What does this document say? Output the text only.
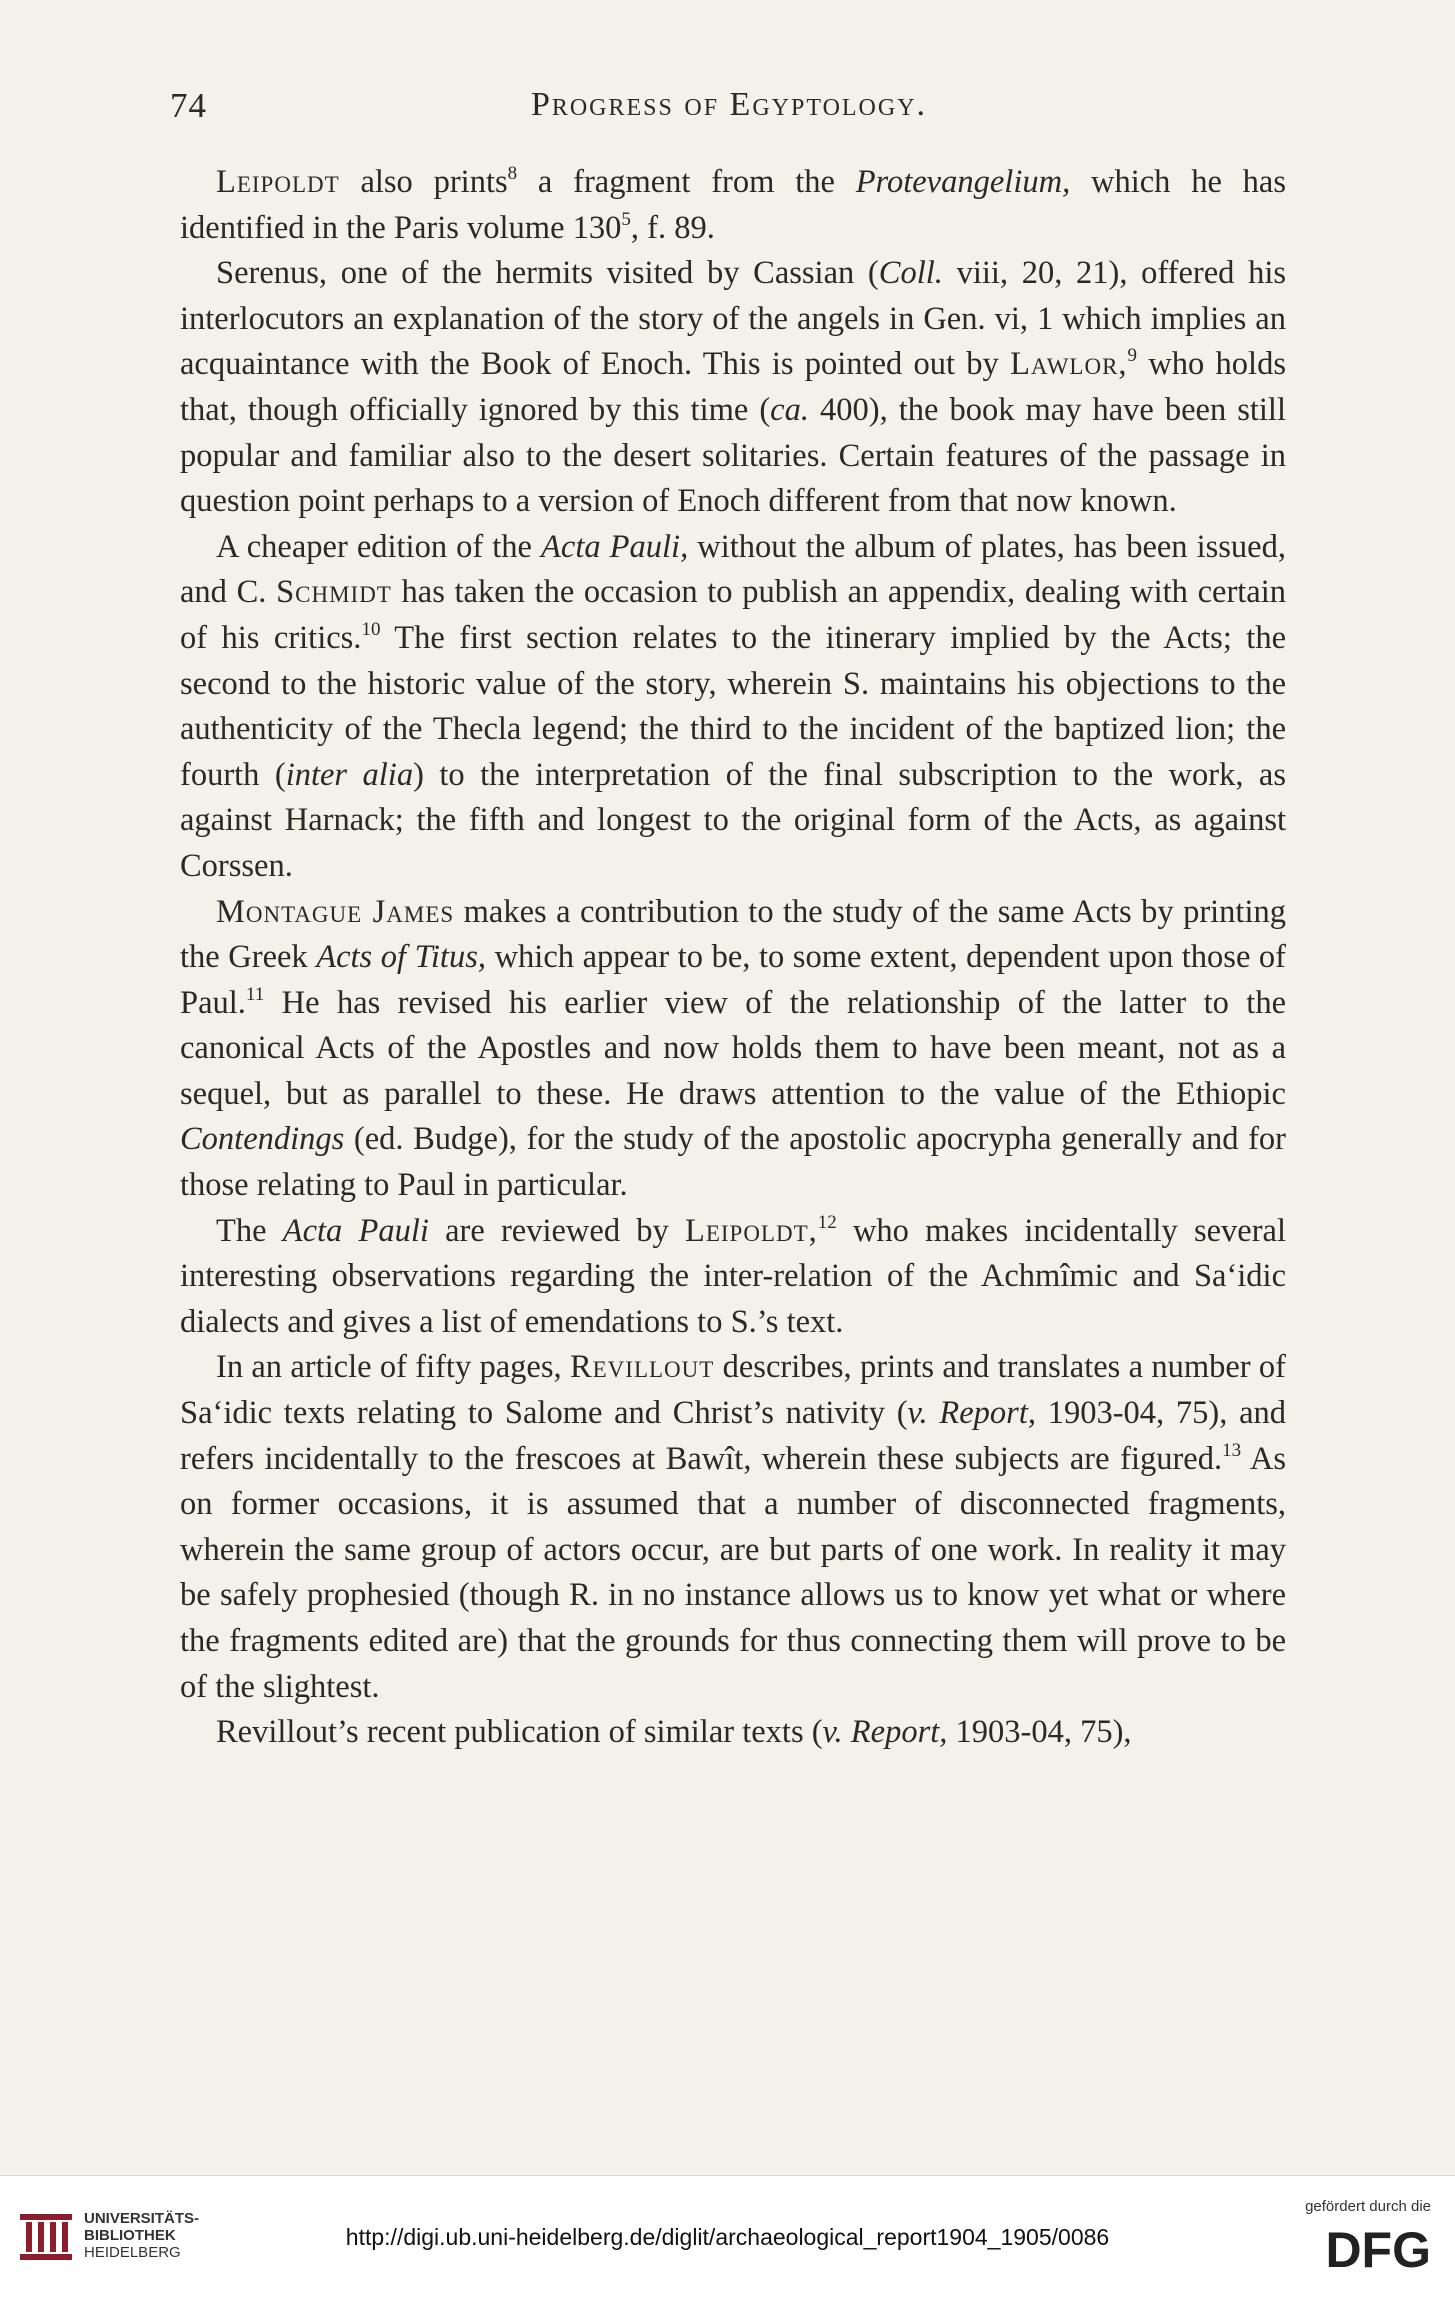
74	Progress of Egyptology.

Leipoldt also prints$^8$ a fragment from the Protevangelium, which he has identified in the Paris volume $130^5$, f. 89.

Serenus, one of the hermits visited by Cassian (Coll. viii, 20, 21), offered his interlocutors an explanation of the story of the angels in Gen. vi, 1 which implies an acquaintance with the Book of Enoch. This is pointed out by Lawlor,$^9$ who holds that, though officially ignored by this time (ca. 400), the book may have been still popular and familiar also to the desert solitaries. Certain features of the passage in question point perhaps to a version of Enoch different from that now known.

A cheaper edition of the Acta Pauli, without the album of plates, has been issued, and C. Schmidt has taken the occasion to publish an appendix, dealing with certain of his critics.$^{10}$ The first section relates to the itinerary implied by the Acts; the second to the historic value of the story, wherein S. maintains his objections to the authenticity of the Thecla legend; the third to the incident of the baptized lion; the fourth (inter alia) to the interpretation of the final subscription to the work, as against Harnack; the fifth and longest to the original form of the Acts, as against Corssen.

Montague James makes a contribution to the study of the same Acts by printing the Greek Acts of Titus, which appear to be, to some extent, dependent upon those of Paul.$^{11}$ He has revised his earlier view of the relationship of the latter to the canonical Acts of the Apostles and now holds them to have been meant, not as a sequel, but as parallel to these. He draws attention to the value of the Ethiopic Contendings (ed. Budge), for the study of the apostolic apocrypha generally and for those relating to Paul in particular.

The Acta Pauli are reviewed by Leipoldt,$^{12}$ who makes incidentally several interesting observations regarding the inter-relation of the Achmîmic and Sa‘idic dialects and gives a list of emendations to S.’s text.

In an article of fifty pages, Revillout describes, prints and translates a number of Sa‘idic texts relating to Salome and Christ’s nativity (v. Report, 1903-04, 75), and refers incidentally to the frescoes at Bawît, wherein these subjects are figured.$^{13}$ As on former occasions, it is assumed that a number of disconnected fragments, wherein the same group of actors occur, are but parts of one work. In reality it may be safely prophesied (though R. in no instance allows us to know yet what or where the fragments edited are) that the grounds for thus connecting them will prove to be of the slightest.

Revillout’s recent publication of similar texts (v. Report, 1903-04, 75),

UNIVERSITÄTS-
BIBLIOTHEK
HEIDELBERG
http://digi.ub.uni-heidelberg.de/diglit/archaeological_report1904_1905/0086
gefördert durch die
DFG
